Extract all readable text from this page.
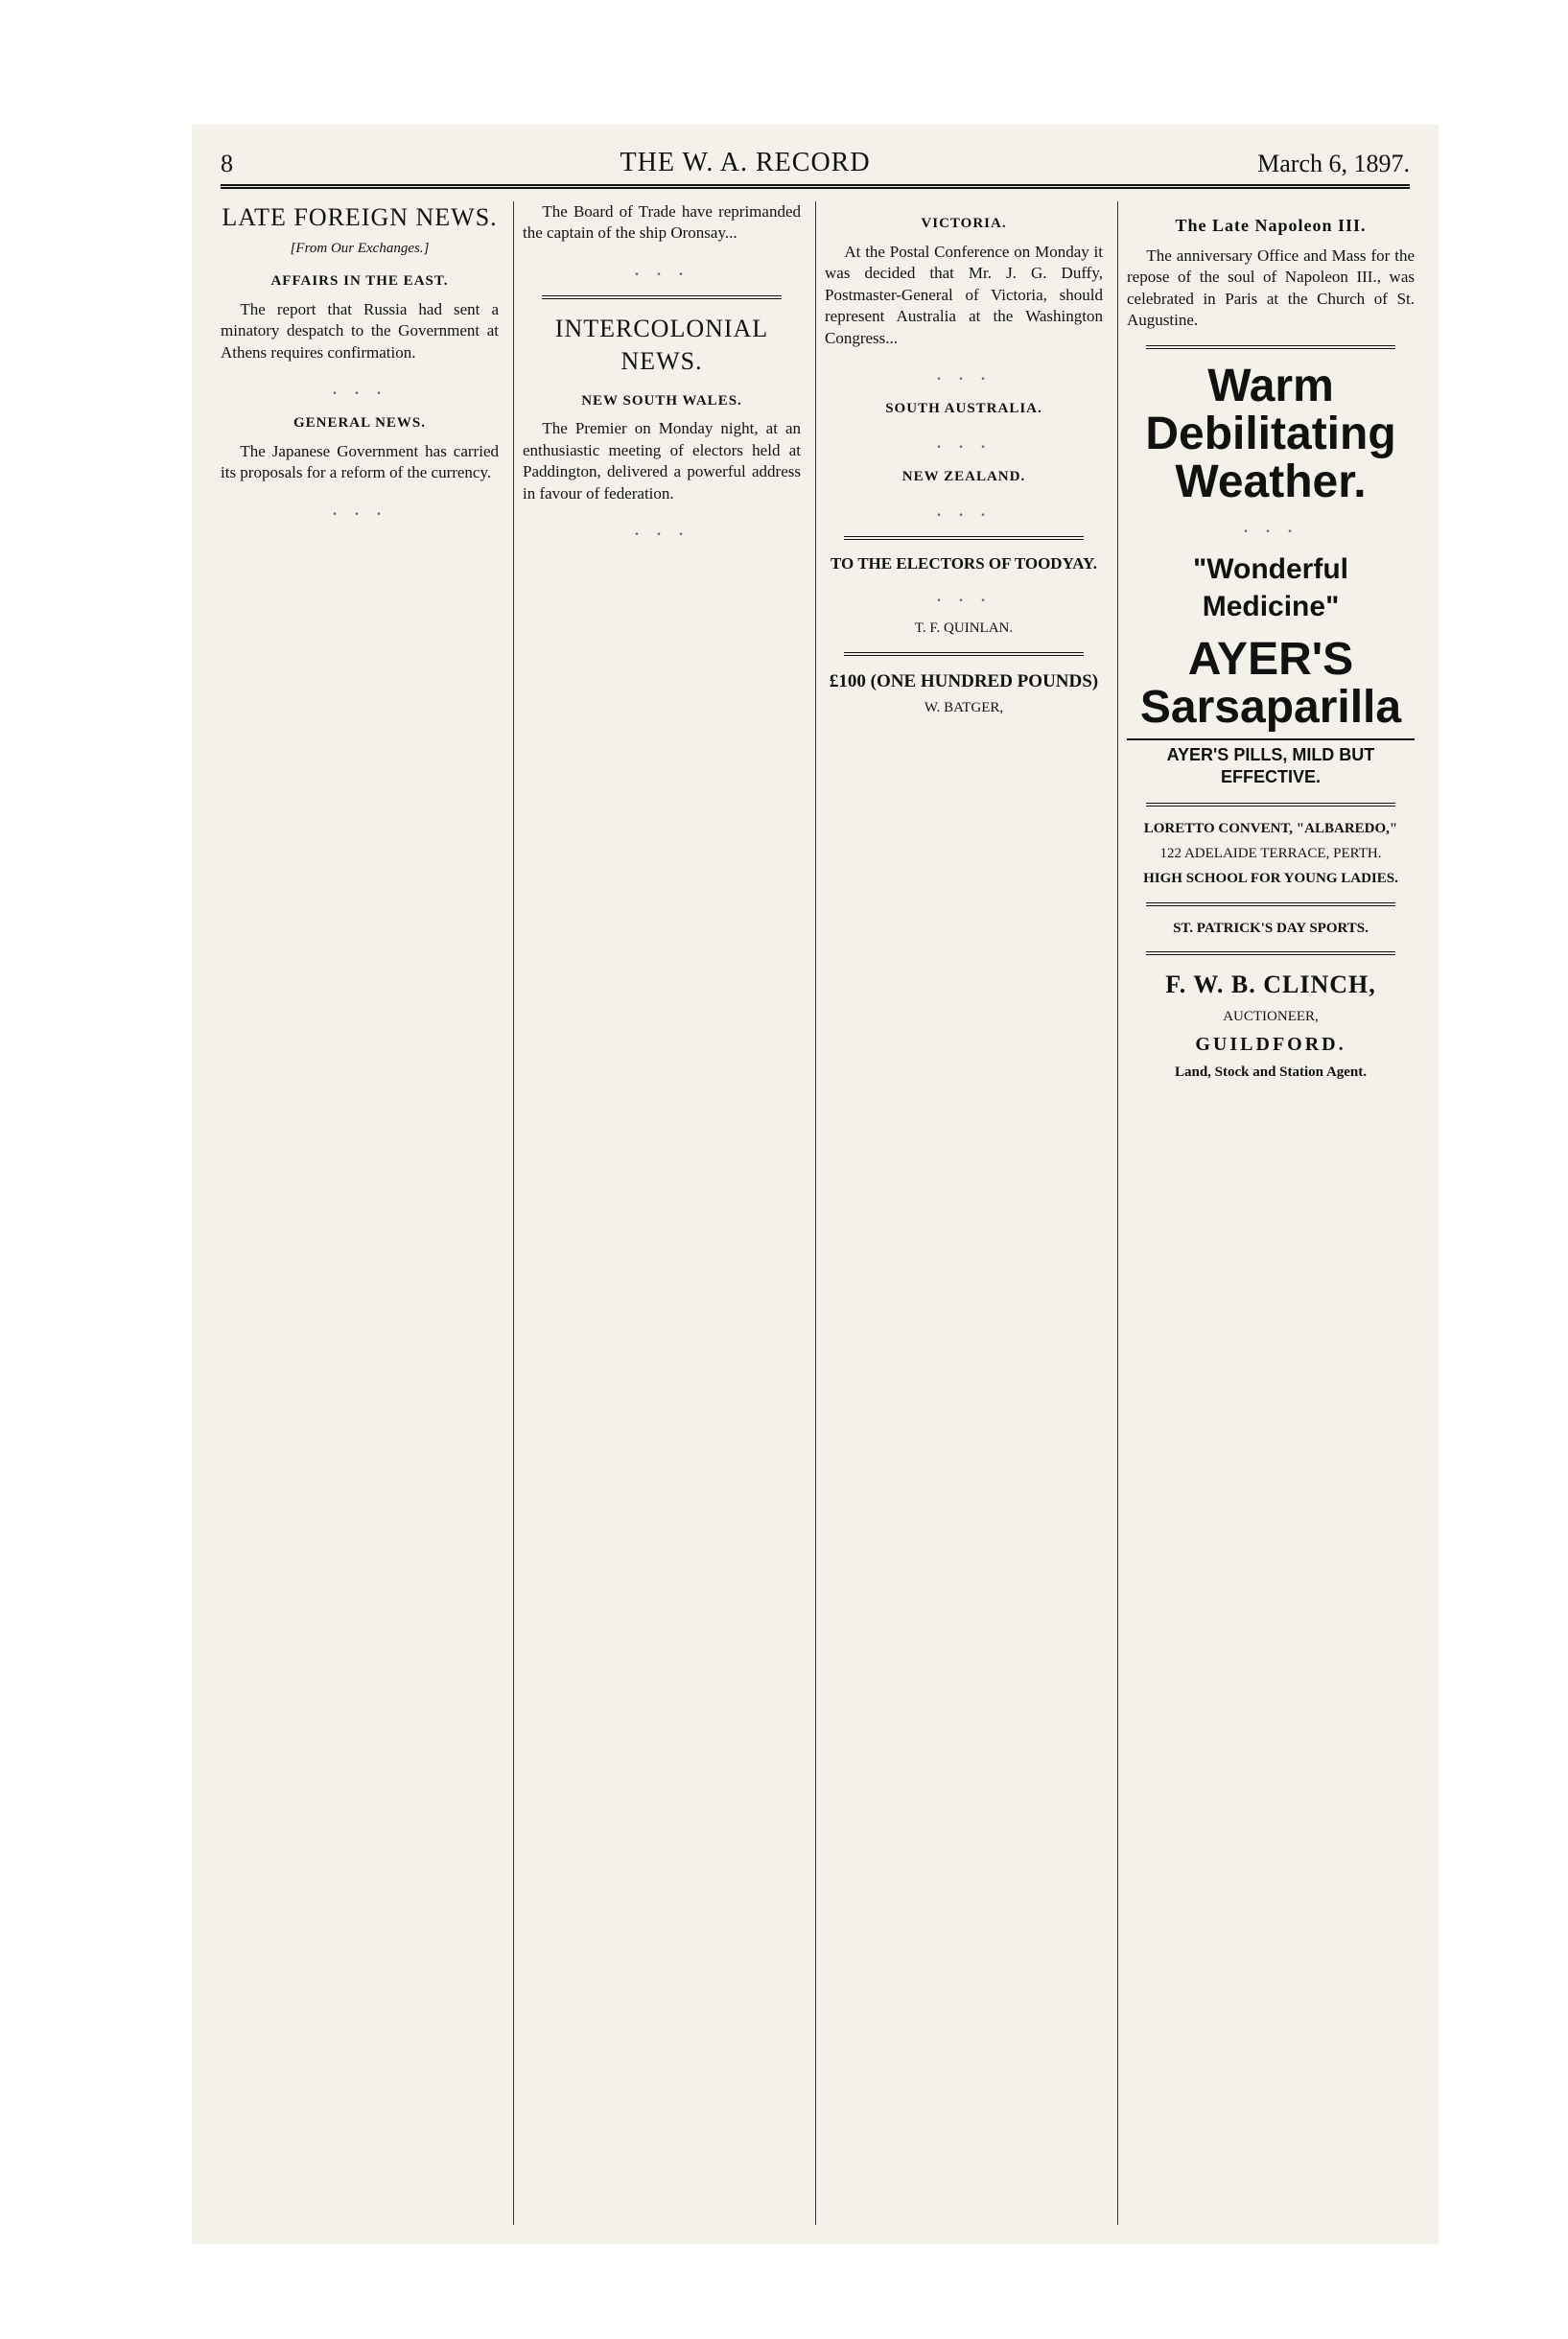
8	THE W. A. RECORD	March 6, 1897.
LATE FOREIGN NEWS.
[From Our Exchanges.]
AFFAIRS IN THE EAST.

The report that Russia had sent a minatory despatch to the Government at Athens requires confirmation.

. . .
GENERAL NEWS.

The Japanese Government has carried its proposals for a reform of the currency.

. . .

The Board of Trade have reprimanded the captain of the ship Oronsay...

. . .
INTERCOLONIAL NEWS.
NEW SOUTH WALES.

The Premier on Monday night, at an enthusiastic meeting of electors held at Paddington, delivered a powerful address in favour of federation.

. . .
VICTORIA.

At the Postal Conference on Monday it was decided that Mr. J. G. Duffy, Postmaster-General of Victoria, should represent Australia at the Washington Congress...

. . .
SOUTH AUSTRALIA.
. . .
NEW ZEALAND.
. . .
TO THE ELECTORS OF TOODYAY.
. . .
T. F. QUINLAN.
£100 (ONE HUNDRED POUNDS)
W. BATGER,
The Late Napoleon III.

The anniversary Office and Mass for the repose of the soul of Napoleon III., was celebrated in Paris at the Church of St. Augustine.

Warm Debilitating Weather.
. . .
"Wonderful Medicine"
AYER'S Sarsaparilla
AYER'S PILLS, MILD BUT EFFECTIVE.
LORETTO CONVENT, "ALBAREDO,"
122 ADELAIDE TERRACE, PERTH.
HIGH SCHOOL FOR YOUNG LADIES.
ST. PATRICK'S DAY SPORTS.
F. W. B. CLINCH,
AUCTIONEER,
GUILDFORD.
Land, Stock and Station Agent.
